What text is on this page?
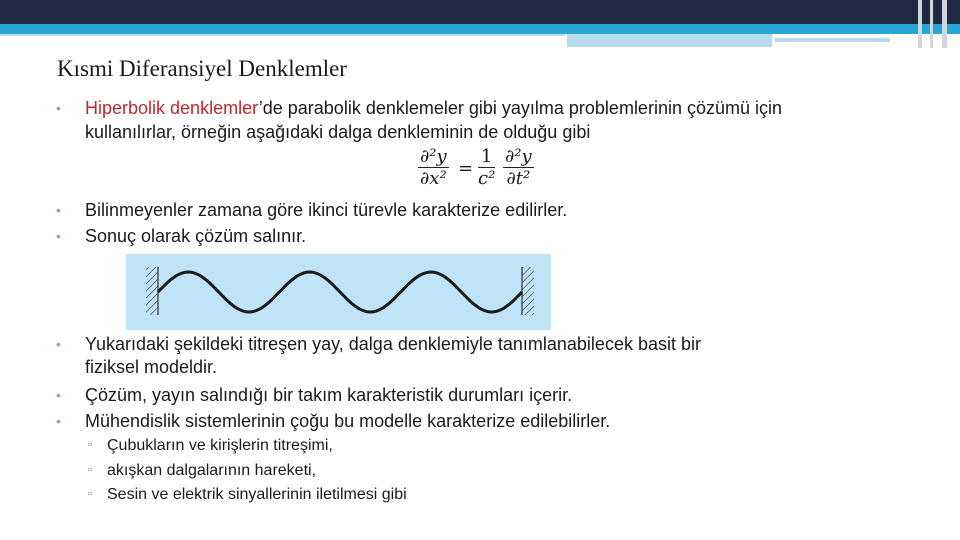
Kısmi Diferansiyel Denklemler
• Hiperbolik denklemler’de parabolik denklemeler gibi yayılma problemlerinin çözümü için
kullanılırlar, örneğin aşağıdaki dalga denkleminin de olduğu gibi
$\frac{\text{∂²y}}{\text{∂x²}} = \frac{1}{\text{c²}} \frac{\text{∂²y}}{\text{∂t²}}$
• Bilinmeyenler zamana göre ikinci türevle karakterize edilirler.
• Sonuç olarak çözüm salınır.
• Yukarıdaki şekildeki titreşen yay, dalga denklemiyle tanımlanabilecek basit bir
fiziksel modeldir.
• Çözüm, yayın salındığı bir takım karakteristik durumları içerir.
• Mühendislik sistemlerinin çoğu bu modelle karakterize edilebilirler.
▫ Çubukların ve kirişlerin titreşimi,
▫ akışkan dalgalarının hareketi,
▫ Sesin ve elektrik sinyallerinin iletilmesi gibi
